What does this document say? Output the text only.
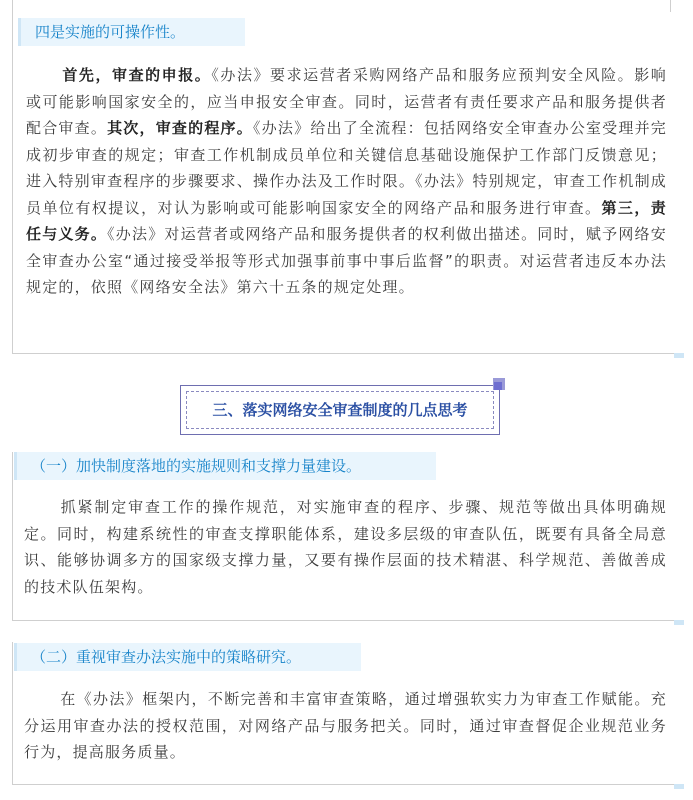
四是实施的可操作性。
首先，审查的申报。《办法》要求运营者采购网络产品和服务应预判安全风险。影响或可能影响国家安全的，应当申报安全审查。同时，运营者有责任要求产品和服务提供者配合审查。其次，审查的程序。《办法》给出了全流程：包括网络安全审查办公室受理并完成初步审查的规定；审查工作机制成员单位和关键信息基础设施保护工作部门反馈意见；进入特别审查程序的步骤要求、操作办法及工作时限。《办法》特别规定，审查工作机制成员单位有权提议，对认为影响或可能影响国家安全的网络产品和服务进行审查。第三，责任与义务。《办法》对运营者或网络产品和服务提供者的权利做出描述。同时，赋予网络安全审查办公室“通过接受举报等形式加强事前事中事后监督”的职责。对运营者违反本办法规定的，依照《网络安全法》第六十五条的规定处理。
三、落实网络安全审查制度的几点思考
（一）加快制度落地的实施规则和支撑力量建设。
抓紧制定审查工作的操作规范，对实施审查的程序、步骤、规范等做出具体明确规定。同时，构建系统性的审查支撑职能体系，建设多层级的审查队伍，既要有具备全局意识、能够协调多方的国家级支撑力量，又要有操作层面的技术精湛、科学规范、善做善成的技术队伍架构。
（二）重视审查办法实施中的策略研究。
在《办法》框架内，不断完善和丰富审查策略，通过增强软实力为审查工作赋能。充分运用审查办法的授权范围，对网络产品与服务把关。同时，通过审查督促企业规范业务行为，提高服务质量。
